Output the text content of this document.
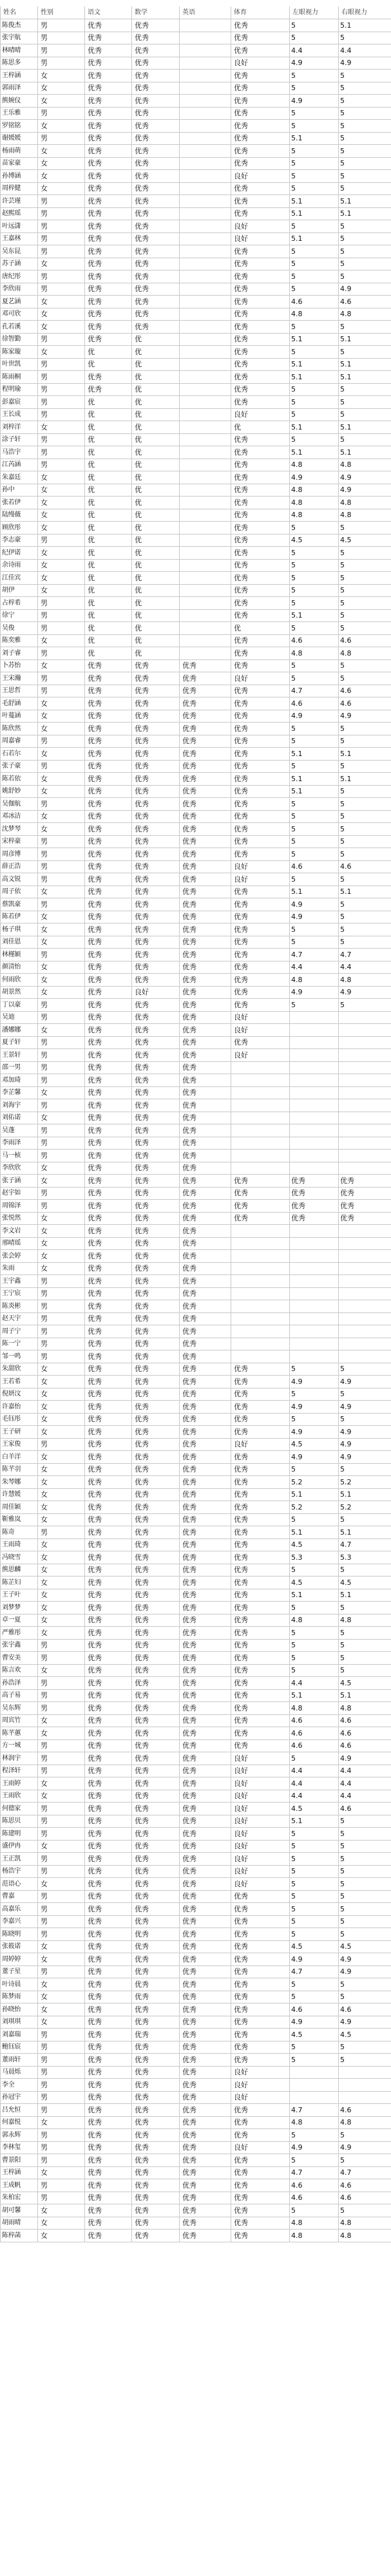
姓名	性别	语文	数学	英语	体育	左眼视力	右眼视力
陈俊杰	男	优秀	优秀		优秀	5	5.1
张宇航	男	优秀	优秀		优秀	5	5
林晴晴	男	优秀	优秀		优秀	4.4	4.4
陈思多	男	优秀	优秀		良好	4.9	4.9
王梓涵	女	优秀	优秀		优秀	5	5
郭雨泽	女	优秀	优秀		优秀	5	5
熊婉仪	女	优秀	优秀		优秀	4.9	5
王乐雅	男	优秀	优秀		优秀	5	5
罗铭铭	女	优秀	优秀		优秀	5	5
谢媛媛	男	优秀	优秀		优秀	5.1	5
杨雨萌	女	优秀	优秀		优秀	5	5
苗家豪	女	优秀	优秀		优秀	5	5
孙博涵	女	优秀	优秀		良好	5	5
周梓健	女	优秀	优秀		优秀	5	5
许芸瑾	男	优秀	优秀		优秀	5.1	5.1
赵熙瑶	男	优秀	优秀		优秀	5.1	5.1
叶远潇	男	优秀	优秀		良好	5	5
王嘉林	男	优秀	优秀		良好	5.1	5
吴东昆	男	优秀	优秀		优秀	5	5
苏子涵	女	优秀	优秀		优秀	5	5
唐纪彤	男	优秀	优秀		优秀	5	5
李欣雨	男	优秀	优秀		优秀	5	4.9
夏艺涵	女	优秀	优秀		优秀	4.6	4.6
邓可欣	女	优秀	优秀		优秀	4.8	4.8
孔若溪	女	优秀	优秀		优秀	5	5
徐智勤	男	优秀	优		优秀	5.1	5.1
陈家璇	女	优	优		优秀	5	5
叶世凯	男	优	优		优秀	5.1	5.1
陈雨桐	男	优秀	优		优秀	5.1	5.1
程明瑜	男	优秀	优		优秀	5	5
彭嘉宸	男	优	优		优秀	5	5
王长成	男	优	优		良好	5	5
刘梓洋	女	优	优		优	5.1	5.1
涂子轩	男	优	优		优秀	5	5
马浩宇	男	优	优		优秀	5.1	5.1
江芮涵	男	优	优		优秀	4.8	4.8
朱嘉廷	女	优	优		优秀	4.9	4.9
孙中	女	优	优		优秀	4.8	4.9
张若伊	女	优	优		优秀	4.8	4.8
陆缦薇	女	优	优		优秀	4.8	4.8
顾欣彤	女	优	优		优秀	5	5
李志豪	男	优	优		优秀	4.5	4.5
纪伊诺	女	优	优		优秀	5	5
余诗雨	女	优	优		优秀	5	5
江佳宾	女	优	优		优秀	5	5
胡伊	女	优	优		优秀	5	5
占梓希	男	优	优		优秀	5	5
徐宁	男	优	优		优秀	5.1	5
吴俊	男	优	优		优	5	5
陈奕雅	女	优	优		优秀	4.6	4.6
刘子睿	男	优	优		优秀	4.8	4.8
卜苏怡	女	优秀	优秀	优秀	优秀	5	5
王宋瀚	男	优秀	优秀	优秀	良好	5	5
王思哲	男	优秀	优秀	优秀	优秀	4.7	4.6
毛舒涵	女	优秀	优秀	优秀	优秀	4.6	4.6
叶蔓涵	女	优秀	优秀	优秀	优秀	4.9	4.9
陈欣然	女	优秀	优秀	优秀	优秀	5	5
周嘉睿	男	优秀	优秀	优秀	优秀	5	5
石若尔	女	优秀	优秀	优秀	优秀	5.1	5.1
张子豪	男	优秀	优秀	优秀	优秀	5	5
陈若依	女	优秀	优秀	优秀	优秀	5.1	5.1
姚舒妙	女	优秀	优秀	优秀	优秀	5.1	5
吴伽航	男	优秀	优秀	优秀	优秀	5	5
邓冰洁	女	优秀	优秀	优秀	优秀	5	5
沈梦琴	女	优秀	优秀	优秀	优秀	5	5
宋梓豪	男	优秀	优秀	优秀	优秀	5	5
周彦博	男	优秀	优秀	优秀	优秀	5	5
薛正浩	男	优秀	优秀	优秀	良好	4.6	4.6
高文锐	男	优秀	优秀	优秀	良好	5	5
周子依	女	优秀	优秀	优秀	优秀	5.1	5.1
蔡凯豪	男	优秀	优秀	优秀	优秀	4.9	5
陈若伊	女	优秀	优秀	优秀	优秀	4.9	5
杨子琪	女	优秀	优秀	优秀	优秀	5	5
刘佳恩	女	优秀	优秀	优秀	优秀	5	5
林槿颖	男	优秀	优秀	优秀	优秀	4.7	4.7
颜清怡	女	优秀	优秀	优秀	优秀	4.4	4.4
何雨欣	女	优秀	优秀	优秀	优秀	4.8	4.8
胡景然	女	优秀	良好	优秀	优秀	4.9	4.9
丁以豪	男	优秀	优秀	优秀	优秀	5	5
吴迪	男	优秀	优秀	优秀	良好		
潘娜娜	女	优秀	优秀	优秀	良好		
夏子轩	男	优秀	优秀	优秀	优秀		
王景轩	男	优秀	优秀	优秀	良好		
邵一男	男	优秀	优秀	优秀			
邓加琦	男	优秀	优秀	优秀			
李芷馨	女	优秀	优秀	优秀			
刘海宇	男	优秀	优秀	优秀			
刘佑诺	女	优秀	优秀	优秀			
吴蓬	男	优秀	优秀	优秀			
李雨泽	男	优秀	优秀	优秀			
马一桢	男	优秀	优秀	优秀			
李欣欣	女	优秀	优秀	优秀			
张子涵	女	优秀	优秀	优秀	优秀	优秀	优秀
赵宇如	男	优秀	优秀	优秀	优秀	优秀	优秀
周锦泽	男	优秀	优秀	优秀	优秀	优秀	优秀
张悦然	女	优秀	优秀	优秀	优秀	优秀	优秀
李文岩	女	优秀	优秀	优秀			
邢晴瑶	女	优秀	优秀	优秀			
张会婷	女	优秀	优秀	优秀			
朱雨	女	优秀	优秀	优秀			
王宇鑫	男	优秀	优秀	优秀			
王宁宸	男	优秀	优秀	优秀			
陈炎彬	男	优秀	优秀	优秀			
赵天宇	男	优秀	优秀	优秀			
周子宁	男	优秀	优秀	优秀			
陈一宁	男	优秀	优秀	优秀			
邹一鸣	男	优秀	优秀	优秀			
朱甜欣	女	优秀	优秀	优秀	优秀	5	5
王若希	女	优秀	优秀	优秀	优秀	4.9	4.9
倪妍汶	女	优秀	优秀	优秀	优秀	5	5
许嘉怡	女	优秀	优秀	优秀	优秀	4.9	4.9
毛钰彤	女	优秀	优秀	优秀	优秀	5	5
王子研	女	优秀	优秀	优秀	优秀	4.9	4.9
王家俊	男	优秀	优秀	优秀	良好	4.5	4.9
白羊洋	女	优秀	优秀	优秀	优秀	4.9	4.9
陈芊羽	女	优秀	优秀	优秀	优秀	5	5
朱琴娜	女	优秀	优秀	优秀	优秀	5.2	5.2
许慧媛	女	优秀	优秀	优秀	优秀	5.1	5.1
周佳颖	女	优秀	优秀	优秀	优秀	5.2	5.2
靳雅岚	女	优秀	优秀	优秀	优秀	5	5
陈奇	男	优秀	优秀	优秀	优秀	5.1	5.1
王雨琦	女	优秀	优秀	优秀	优秀	4.5	4.7
冯晓雪	女	优秀	优秀	优秀	优秀	5.3	5.3
熊思麟	女	优秀	优秀	优秀	优秀	5	5
陈芷妇	女	优秀	优秀	优秀	优秀	4.5	4.5
王子叶	女	优秀	优秀	优秀	优秀	5.1	5.1
刘梦梦	女	优秀	优秀	优秀	优秀	5	5
卓一夏	女	优秀	优秀	优秀	优秀	4.8	4.8
严雅彤	女	优秀	优秀	优秀	优秀	5	5
张宇鑫	男	优秀	优秀	优秀	优秀	5	5
曹安美	男	优秀	优秀	优秀	优秀	5	5
陈言欢	女	优秀	优秀	优秀	优秀	5	5
孙浩泽	男	优秀	优秀	优秀	优秀	4.4	4.5
高子易	男	优秀	优秀	优秀	优秀	5.1	5.1
吴东辉	男	优秀	优秀	优秀	优秀	4.8	4.8
周宾竹	女	优秀	优秀	优秀	优秀	4.6	4.6
陈芊蕙	女	优秀	优秀	优秀	优秀	4.6	4.6
方一城	男	优秀	优秀	优秀	优秀	4.6	4.6
林润宇	男	优秀	优秀	优秀	良好	5	4.9
程泽轩	男	优秀	优秀	优秀	良好	4.4	4.4
王雨婷	女	优秀	优秀	优秀	良好	4.4	4.4
王雨欣	女	优秀	优秀	优秀	良好	4.4	4.4
何德家	男	优秀	优秀	优秀	良好	4.5	4.6
陈思贝	男	优秀	优秀	优秀	良好	5.1	5
陈建明	男	优秀	优秀	优秀	良好	5	5
盛伊冉	女	优秀	优秀	优秀	良好	5	5
王正凯	男	优秀	优秀	优秀	良好	5	5
杨浩宇	男	优秀	优秀	优秀	良好	5	5
范语心	女	优秀	优秀	优秀	良好	5	5
曹嘉	男	优秀	优秀	优秀	优秀	5	5
高嘉乐	男	优秀	优秀	优秀	优秀	5	5
李嘉兴	男	优秀	优秀	优秀	优秀	5	5
陈晓明	男	优秀	优秀	优秀	优秀	5	5
张筱诺	女	优秀	优秀	优秀	优秀	4.5	4.5
周婷婷	女	优秀	优秀	优秀	优秀	4.9	4.9
董子星	男	优秀	优秀	优秀	优秀	4.7	4.9
叶诗晨	女	优秀	优秀	优秀	优秀	5	5
陈梦雨	女	优秀	优秀	优秀	优秀	5	5
孙晓怡	女	优秀	优秀	优秀	优秀	4.6	4.6
刘琪琪	女	优秀	优秀	优秀	优秀	4.9	4.9
刘嘉瑞	男	优秀	优秀	优秀	优秀	4.5	4.5
鲍钰宸	男	优秀	优秀	优秀	优秀	5	5
董雨轩	男	优秀	优秀	优秀	优秀	5	5
马晨烁	男	优秀	优秀	优秀	良好		
李全	男	优秀	优秀	优秀	良好		
孙冠宇	男	优秀	优秀	优秀	良好		
吕允恒	男	优秀	优秀	优秀	优秀	4.7	4.6
何嘉悦	女	优秀	优秀	优秀	优秀	4.8	4.8
郭永辉	男	优秀	优秀	优秀	优秀	5	5
李林玺	男	优秀	优秀	优秀	良好	4.9	4.9
曹景阳	男	优秀	优秀	优秀	优秀	5	5
王梓涵	女	优秀	优秀	优秀	优秀	4.7	4.7
王成帆	男	优秀	优秀	优秀	优秀	4.6	4.6
朱柏宏	男	优秀	优秀	优秀	优秀	4.6	4.6
胡可馨	女	优秀	优秀	优秀	优秀	5	5
胡雨晴	女	优秀	优秀	优秀	优秀	4.8	4.8
陈梓菡	女	优秀	优秀	优秀	优秀	4.8	4.8
